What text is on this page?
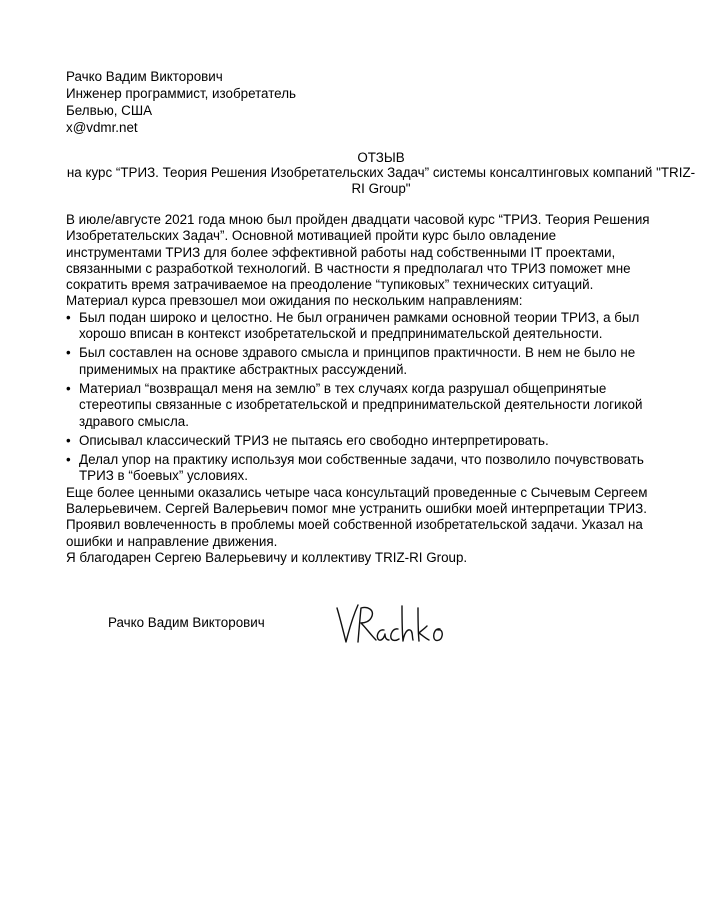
Рачко Вадим Викторович
Инженер программист, изобретатель
Белвью, США
x@vdmr.net
ОТЗЫВ
на курс “ТРИЗ. Теория Решения Изобретательских Задач” системы консалтинговых компаний "TRIZ-RI Group"

В июле/августе 2021 года мною был пройден двадцати часовой курс “ТРИЗ. Теория Решения Изобретательских Задач”. Основной мотивацией пройти курс было овладение инструментами ТРИЗ для более эффективной работы над собственными IT проектами, связанными с разработкой технологий. В частности я предполагал что ТРИЗ поможет мне сократить время затрачиваемое на преодоление “тупиковых” технических ситуаций.

Материал курса превзошел мои ожидания по нескольким направлениям:

• Был подан широко и целостно. Не был ограничен рамками основной теории ТРИЗ, а был хорошо вписан в контекст изобретательской и предпринимательской деятельности.

• Был составлен на основе здравого смысла и принципов практичности. В нем не было не применимых на практике абстрактных рассуждений.

• Материал “возвращал меня на землю” в тех случаях когда разрушал общепринятые стереотипы связанные с изобретательской и предпринимательской деятельности логикой здравого смысла.

• Описывал классический ТРИЗ не пытаясь его свободно интерпретировать.

• Делал упор на практику используя мои собственные задачи, что позволило почувствовать ТРИЗ в “боевых” условиях.

Еще более ценными оказались четыре часа консультаций проведенные с Сычевым Сергеем Валерьевичем. Сергей Валерьевич помог мне устранить ошибки моей интерпретации ТРИЗ. Проявил вовлеченность в проблемы моей собственной изобретательской задачи. Указал на ошибки и направление движения.

Я благодарен Сергею Валерьевичу и коллективу TRIZ-RI Group.

Рачко Вадим Викторович
